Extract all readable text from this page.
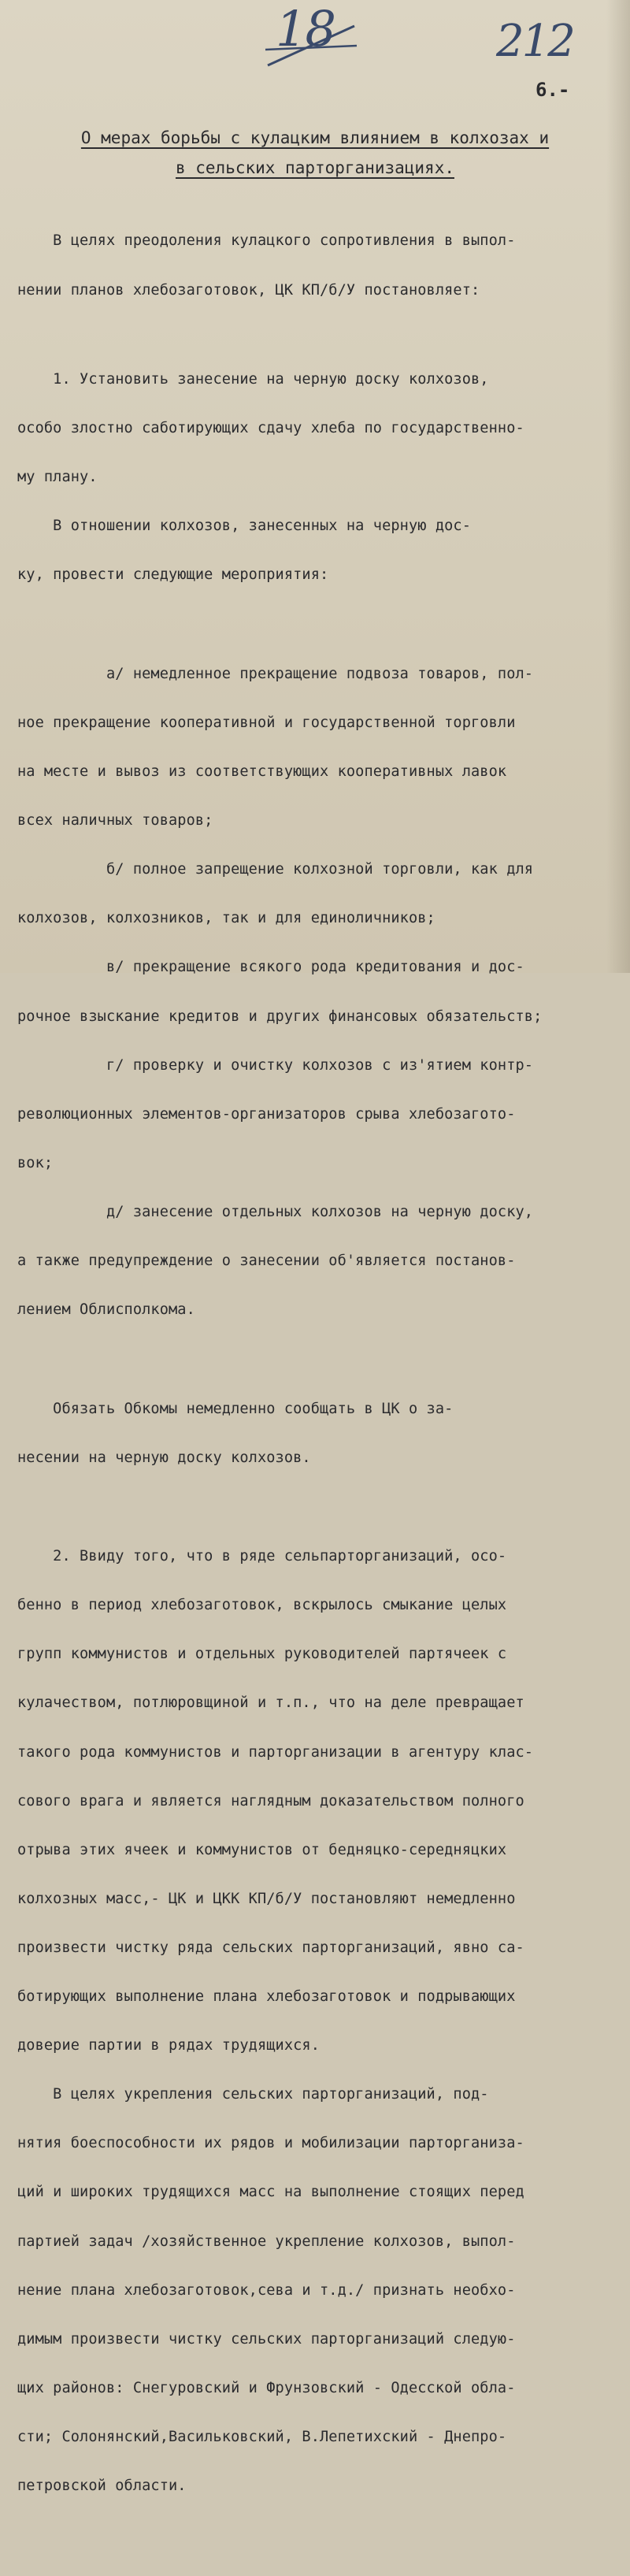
18	212
6.-
О мерах борьбы с кулацким влиянием в колхозах и
в сельских парторганизациях.

В целях преодоления кулацкого сопротивления в выпол-

нении планов хлебозаготовок, ЦК КП/б/У постановляет:

1. Установить занесение на черную доску колхозов,

особо злостно саботирующих сдачу хлеба по государственно-

му плану.

В отношении колхозов, занесенных на черную дос-

ку, провести следующие мероприятия:

а/ немедленное прекращение подвоза товаров, пол-

ное прекращение кооперативной и государственной торговли

на месте и вывоз из соответствующих кооперативных лавок

всех наличных товаров;

б/ полное запрещение колхозной торговли, как для

колхозов, колхозников, так и для единоличников;

в/ прекращение всякого рода кредитования и дос-

рочное взыскание кредитов и других финансовых обязательств;

г/ проверку и очистку колхозов с из'ятием контр-

революционных элементов-организаторов срыва хлебозагото-

вок;

д/ занесение отдельных колхозов на черную доску,

а также предупреждение о занесении об'является постанов-

лением Облисполкома.

Обязать Обкомы немедленно сообщать в ЦК о за-

несении на черную доску колхозов.

2. Ввиду того, что в ряде сельпарторганизаций, осо-

бенно в период хлебозаготовок, вскрылось смыкание целых

групп коммунистов и отдельных руководителей партячеек с

кулачеством, потлюровщиной и т.п., что на деле превращает

такого рода коммунистов и парторганизации в агентуру клас-

сового врага и является наглядным доказательством полного

отрыва этих ячеек и коммунистов от бедняцко-середняцких

колхозных масс,- ЦК и ЦКК КП/б/У постановляют немедленно

произвести чистку ряда сельских парторганизаций, явно са-

ботирующих выполнение плана хлебозаготовок и подрывающих

доверие партии в рядах трудящихся.

В целях укрепления сельских парторганизаций, под-

нятия боеспособности их рядов и мобилизации парторганиза-

ций и широких трудящихся масс на выполнение стоящих перед

партией задач /хозяйственное укрепление колхозов, выпол-

нение плана хлебозаготовок,сева и т.д./ признать необхо-

димым произвести чистку сельских парторганизаций следую-

щих районов: Снегуровский и Фрунзовский - Одесской обла-

сти; Солонянский,Васильковский, В.Лепетихский - Днепро-

петровской области.
